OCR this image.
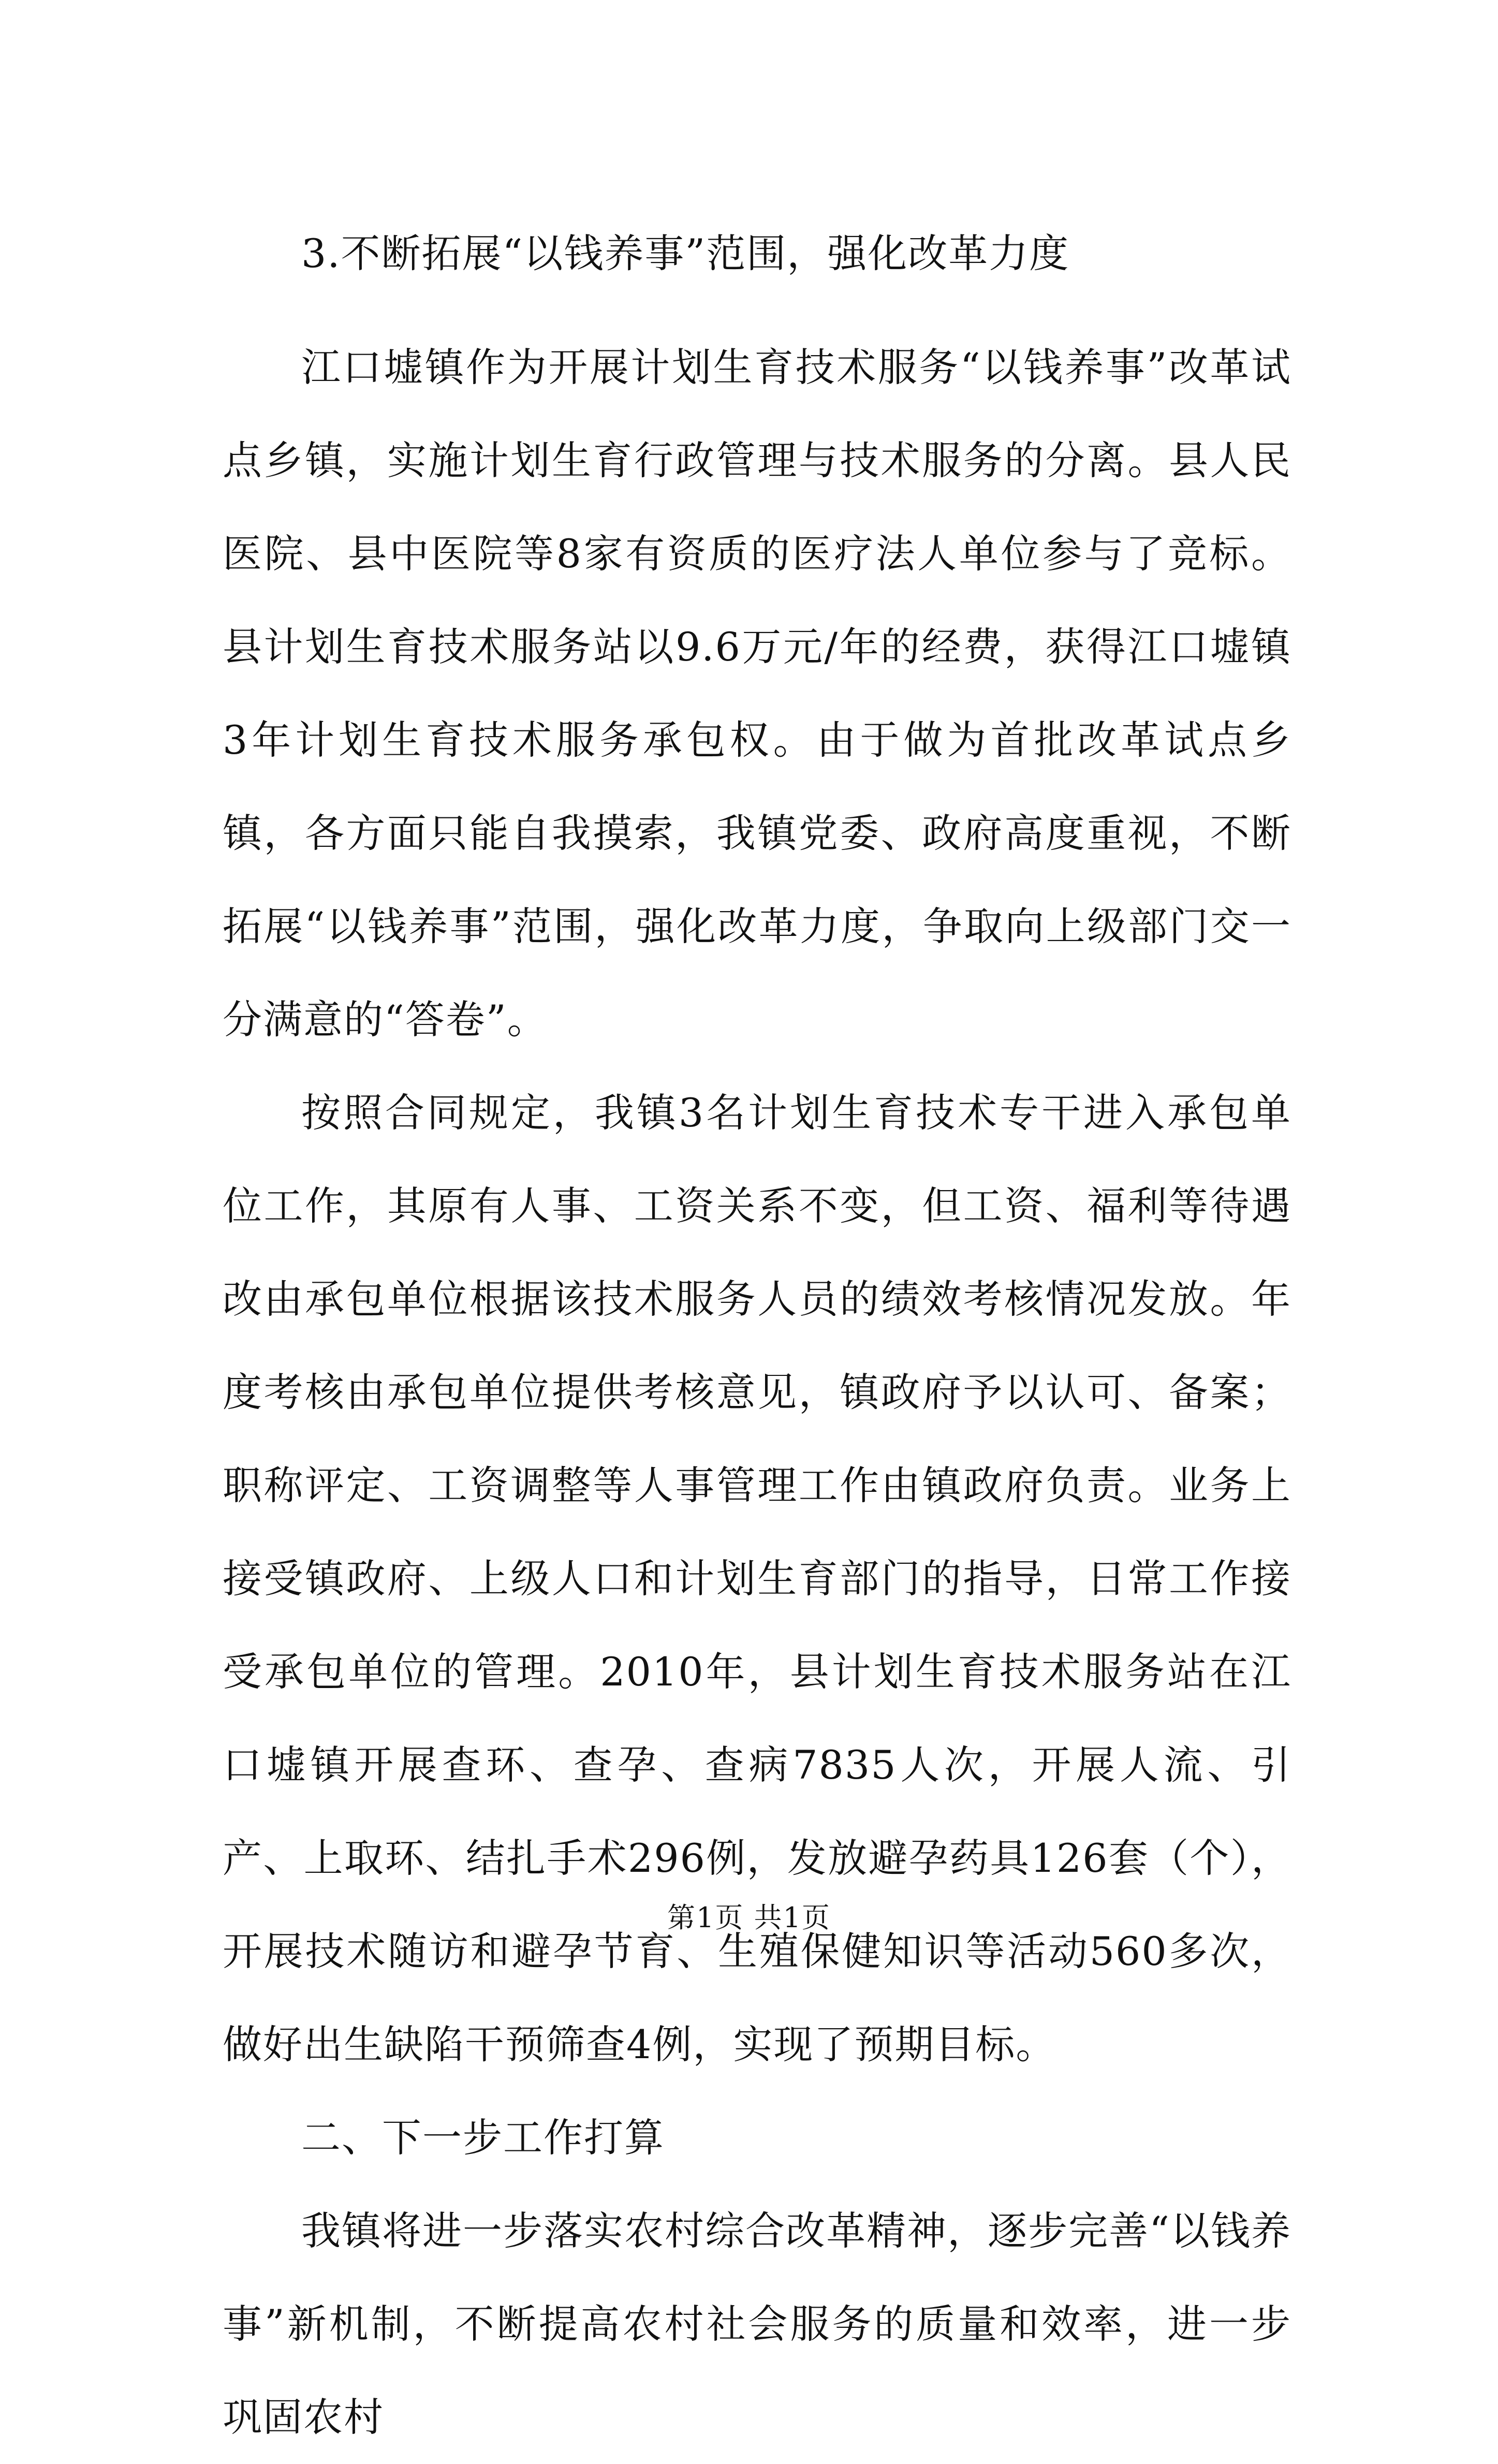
3.不断拓展“以钱养事”范围，强化改革力度

江口墟镇作为开展计划生育技术服务“以钱养事”改革试点乡镇，实施计划生育行政管理与技术服务的分离。县人民医院、县中医院等8家有资质的医疗法人单位参与了竞标。县计划生育技术服务站以9.6万元/年的经费，获得江口墟镇3年计划生育技术服务承包权。由于做为首批改革试点乡镇，各方面只能自我摸索，我镇党委、政府高度重视，不断拓展“以钱养事”范围，强化改革力度，争取向上级部门交一分满意的“答卷”。

按照合同规定，我镇3名计划生育技术专干进入承包单位工作，其原有人事、工资关系不变，但工资、福利等待遇改由承包单位根据该技术服务人员的绩效考核情况发放。年度考核由承包单位提供考核意见，镇政府予以认可、备案；职称评定、工资调整等人事管理工作由镇政府负责。业务上接受镇政府、上级人口和计划生育部门的指导，日常工作接受承包单位的管理。2010年，县计划生育技术服务站在江口墟镇开展查环、查孕、查病7835人次，开展人流、引产、上取环、结扎手术296例，发放避孕药具126套（个），开展技术随访和避孕节育、生殖保健知识等活动560多次，做好出生缺陷干预筛查4例，实现了预期目标。

二、下一步工作打算

我镇将进一步落实农村综合改革精神，逐步完善“以钱养事”新机制，不断提高农村社会服务的质量和效率，进一步巩固农村

第1页 共1页
